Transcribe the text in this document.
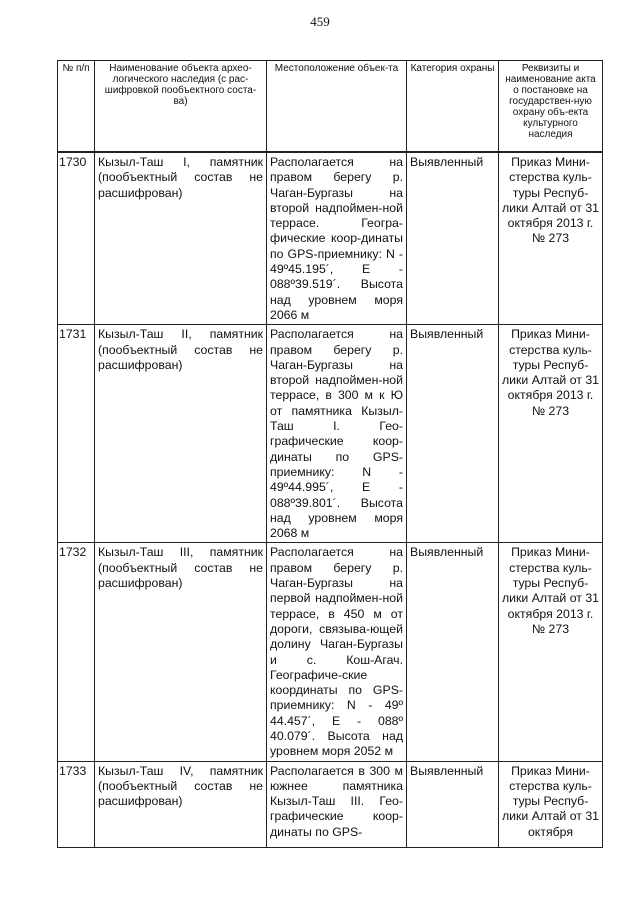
459
№ п/п	Наименование объекта архео-логического наследия (с рас-шифровкой пообъектного соста-ва)	Местоположение объек-та	Категория охраны	Реквизиты и наименование акта о постановке на государствен-ную охрану объ-екта культурного наследия
1730	Кызыл-Таш I, памятник (пообъектный состав не расшифрован)	Располагается на правом берегу р. Чаган-Бургазы на второй надпоймен-ной террасе. Геогра-фические коор-динаты по GPS-приемнику: N - 49º45.195´, E - 088º39.519´. Высота над уровнем моря 2066 м	Выявленный	Приказ Мини-стерства куль-туры Респуб-лики Алтай от 31 октября 2013 г. № 273
1731	Кызыл-Таш II, памятник (пообъектный состав не расшифрован)	Располагается на правом берегу р. Чаган-Бургазы на второй надпоймен-ной террасе, в 300 м к Ю от памятника Кызыл-Таш I. Гео-графические коор-динаты по GPS-приемнику: N - 49º44.995´, E - 088º39.801´. Высота над уровнем моря 2068 м	Выявленный	Приказ Мини-стерства куль-туры Респуб-лики Алтай от 31 октября 2013 г. № 273
1732	Кызыл-Таш III, памятник (пообъектный состав не расшифрован)	Располагается на правом берегу р. Чаган-Бургазы на первой надпоймен-ной террасе, в 450 м от дороги, связыва-ющей долину Чаган-Бургазы и с. Кош-Агач. Географиче-ские координаты по GPS-приемнику: N - 49º 44.457´, E - 088º 40.079´. Высота над уровнем моря 2052 м	Выявленный	Приказ Мини-стерства куль-туры Респуб-лики Алтай от 31 октября 2013 г. № 273

1733	Кызыл-Таш IV, памятник (пообъектный состав не расшифрован)	Располагается в 300 м южнее памятника Кызыл-Таш III. Гео-графические коор-динаты по GPS-	Выявленный	Приказ Мини-стерства куль-туры Респуб-лики Алтай от 31 октября
